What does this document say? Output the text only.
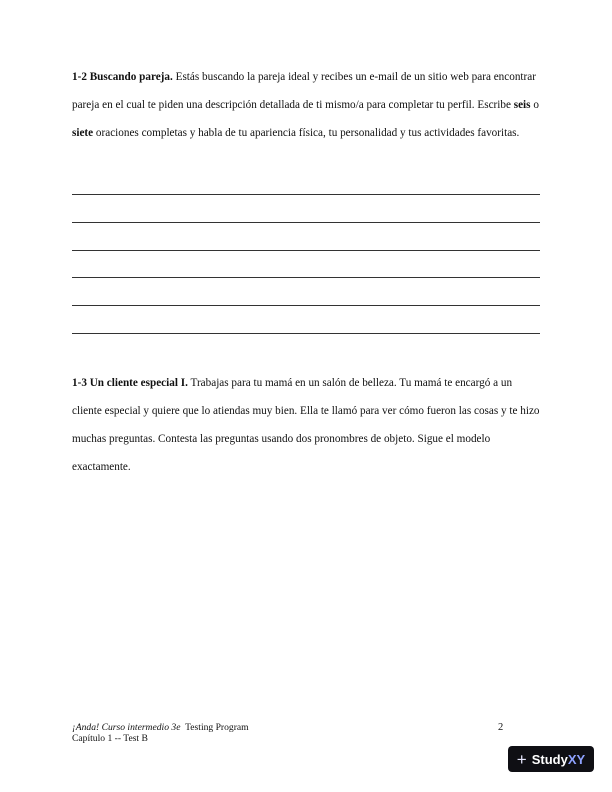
1-2 Buscando pareja. Estás buscando la pareja ideal y recibes un e-mail de un sitio web para encontrar pareja en el cual te piden una descripción detallada de ti mismo/a para completar tu perfil. Escribe seis o siete oraciones completas y habla de tu apariencia física, tu personalidad y tus actividades favoritas.

1-3 Un cliente especial I. Trabajas para tu mamá en un salón de belleza. Tu mamá te encargó a un cliente especial y quiere que lo atiendas muy bien. Ella te llamó para ver cómo fueron las cosas y te hizo muchas preguntas. Contesta las preguntas usando dos pronombres de objeto. Sigue el modelo exactamente.

¡Anda! Curso intermedio 3e  Testing Program
Capítulo 1 -- Test B
2
+ StudyXY
